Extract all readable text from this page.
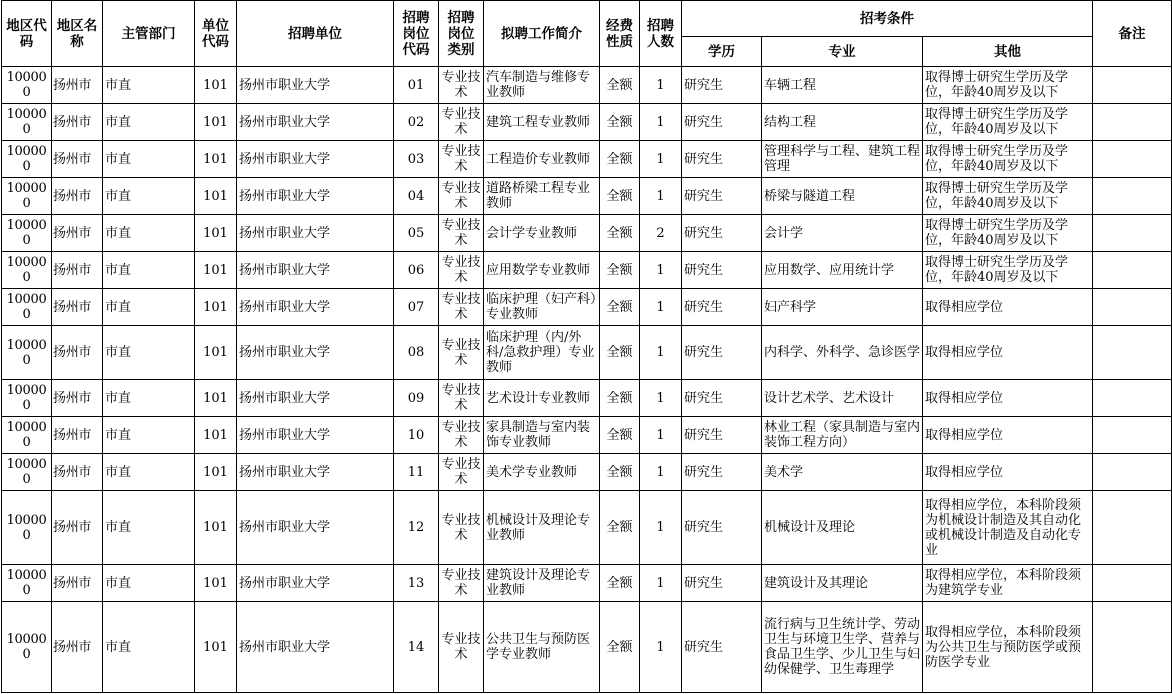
地区代码	地区名称	主管部门	单位代码	招聘单位	招聘岗位代码	招聘岗位类别	拟聘工作简介	经费性质	招聘人数	招考条件			备注
										学历	专业	其他	

100000	扬州市	市直	101	扬州市职业大学	01	专业技术	汽车制造与维修专业教师	全额	1	研究生	车辆工程	取得博士研究生学历及学位，年龄40周岁及以下	

100000	扬州市	市直	101	扬州市职业大学	02	专业技术	建筑工程专业教师	全额	1	研究生	结构工程	取得博士研究生学历及学位，年龄40周岁及以下	

100000	扬州市	市直	101	扬州市职业大学	03	专业技术	工程造价专业教师	全额	1	研究生	管理科学与工程、建筑工程管理	取得博士研究生学历及学位，年龄40周岁及以下	

100000	扬州市	市直	101	扬州市职业大学	04	专业技术	道路桥梁工程专业教师	全额	1	研究生	桥梁与隧道工程	取得博士研究生学历及学位，年龄40周岁及以下	

100000	扬州市	市直	101	扬州市职业大学	05	专业技术	会计学专业教师	全额	2	研究生	会计学	取得博士研究生学历及学位，年龄40周岁及以下	

100000	扬州市	市直	101	扬州市职业大学	06	专业技术	应用数学专业教师	全额	1	研究生	应用数学、应用统计学	取得博士研究生学历及学位，年龄40周岁及以下	

100000	扬州市	市直	101	扬州市职业大学	07	专业技术	临床护理（妇产科）专业教师	全额	1	研究生	妇产科学	取得相应学位	

100000	扬州市	市直	101	扬州市职业大学	08	专业技术	临床护理（内/外科/急救护理）专业教师	全额	1	研究生	内科学、外科学、急诊医学	取得相应学位	

100000	扬州市	市直	101	扬州市职业大学	09	专业技术	艺术设计专业教师	全额	1	研究生	设计艺术学、艺术设计	取得相应学位	

100000	扬州市	市直	101	扬州市职业大学	10	专业技术	家具制造与室内装饰专业教师	全额	1	研究生	林业工程（家具制造与室内装饰工程方向）	取得相应学位	

100000	扬州市	市直	101	扬州市职业大学	11	专业技术	美术学专业教师	全额	1	研究生	美术学	取得相应学位	

100000	扬州市	市直	101	扬州市职业大学	12	专业技术	机械设计及理论专业教师	全额	1	研究生	机械设计及理论	取得相应学位，本科阶段须为机械设计制造及其自动化或机械设计制造及自动化专业	

100000	扬州市	市直	101	扬州市职业大学	13	专业技术	建筑设计及理论专业教师	全额	1	研究生	建筑设计及其理论	取得相应学位，本科阶段须为建筑学专业	

100000	扬州市	市直	101	扬州市职业大学	14	专业技术	公共卫生与预防医学专业教师	全额	1	研究生	流行病与卫生统计学、劳动卫生与环境卫生学、营养与食品卫生学、少儿卫生与妇幼保健学、卫生毒理学	取得相应学位，本科阶段须为公共卫生与预防医学或预防医学专业	
